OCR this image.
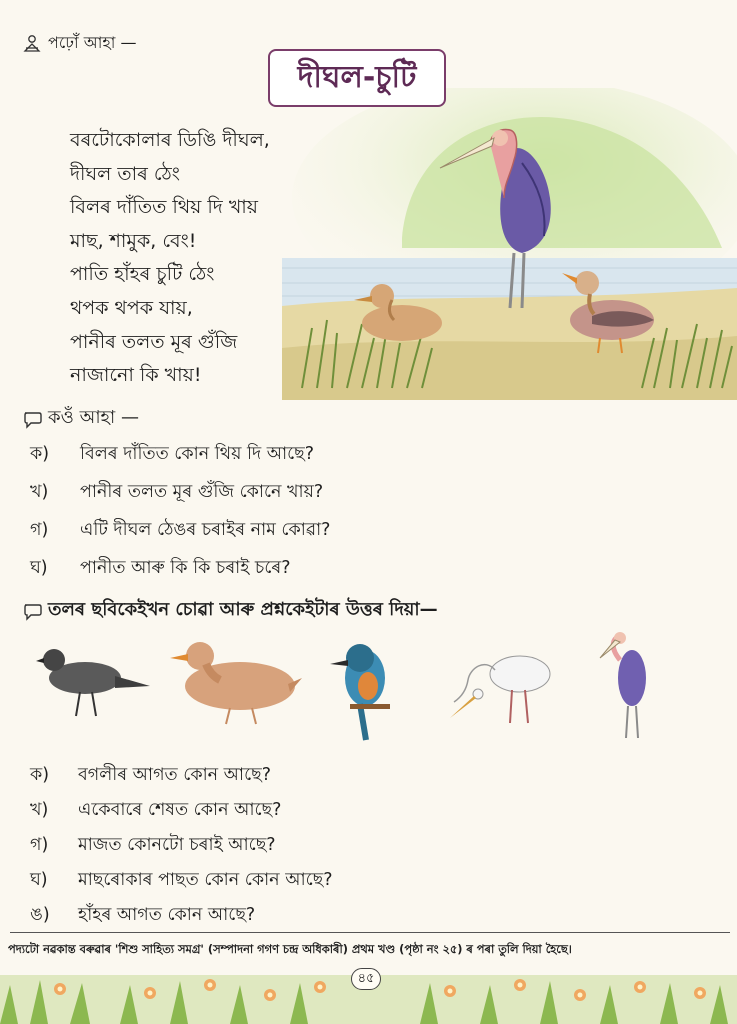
পঢ়োঁ আহা —
দীঘল-চুটি
বৰটোকোলাৰ ডিঙি দীঘল,
দীঘল তাৰ ঠেং
বিলৰ দাঁতিত থিয় দি খায়
মাছ, শামুক, বেং!
পাতি হাঁহৰ চুটি ঠেং
থপক থপক যায়,
পানীৰ তলত মূৰ গুঁজি
নাজানো কি খায়!
কওঁ আহা —
ক)	বিলৰ দাঁতিত কোন থিয় দি আছে?
খ)	পানীৰ তলত মূৰ গুঁজি কোনে খায়?
গ)	এটি দীঘল ঠেঙৰ চৰাইৰ নাম কোৱা?
ঘ)	পানীত আৰু কি কি চৰাই চৰে?
তলৰ ছবিকেইখন চোৱা আৰু প্ৰশ্নকেইটাৰ উত্তৰ দিয়া—
ক)	বগলীৰ আগত কোন আছে?
খ)	একেবাৰে শেষত কোন আছে?
গ)	মাজত কোনটো চৰাই আছে?
ঘ)	মাছৰোকাৰ পাছত কোন কোন আছে?
ঙ)	হাঁহৰ আগত কোন আছে?
পদ্যটো নৱকান্ত বৰুৱাৰ 'শিশু সাহিত্য সমগ্ৰ' (সম্পাদনা গগণ চন্দ্ৰ অধিকাৰী) প্ৰথম খণ্ড (পৃষ্ঠা নং ২৫) ৰ পৰা তুলি দিয়া হৈছে।
৪৫
